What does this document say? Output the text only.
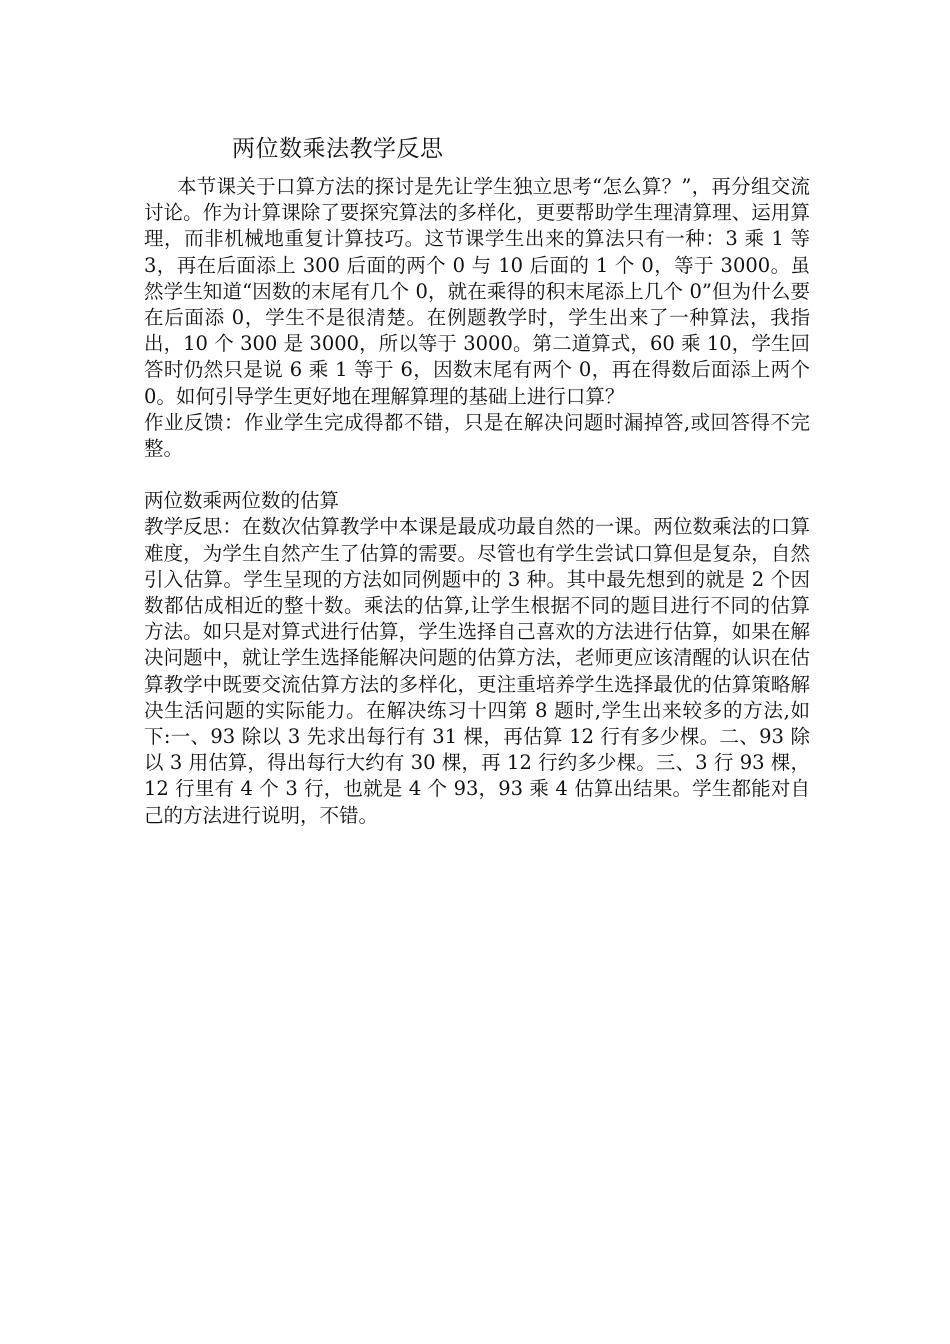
两位数乘法教学反思

本节课关于口算方法的探讨是先让学生独立思考“怎么算？”，再分组交流讨论。作为计算课除了要探究算法的多样化，更要帮助学生理清算理、运用算理，而非机械地重复计算技巧。这节课学生出来的算法只有一种：3 乘 1 等 3，再在后面添上 300 后面的两个 0 与 10 后面的 1 个 0，等于 3000。虽然学生知道“因数的末尾有几个 0，就在乘得的积末尾添上几个 0”但为什么要在后面添 0，学生不是很清楚。在例题教学时，学生出来了一种算法，我指出，10 个 300 是 3000，所以等于 3000。第二道算式，60 乘 10，学生回答时仍然只是说 6 乘 1 等于 6，因数末尾有两个 0，再在得数后面添上两个 0。如何引导学生更好地在理解算理的基础上进行口算？

作业反馈：作业学生完成得都不错，只是在解决问题时漏掉答,或回答得不完整。

两位数乘两位数的估算

教学反思：在数次估算教学中本课是最成功最自然的一课。两位数乘法的口算难度，为学生自然产生了估算的需要。尽管也有学生尝试口算但是复杂，自然引入估算。学生呈现的方法如同例题中的 3 种。其中最先想到的就是 2 个因数都估成相近的整十数。乘法的估算,让学生根据不同的题目进行不同的估算方法。如只是对算式进行估算，学生选择自己喜欢的方法进行估算，如果在解决问题中，就让学生选择能解决问题的估算方法，老师更应该清醒的认识在估算教学中既要交流估算方法的多样化，更注重培养学生选择最优的估算策略解决生活问题的实际能力。在解决练习十四第 8 题时,学生出来较多的方法,如下:一、93 除以 3 先求出每行有 31 棵，再估算 12 行有多少棵。二、93 除以 3 用估算，得出每行大约有 30 棵，再 12 行约多少棵。三、3 行 93 棵，12 行里有 4 个 3 行，也就是 4 个 93，93 乘 4 估算出结果。学生都能对自己的方法进行说明，不错。
